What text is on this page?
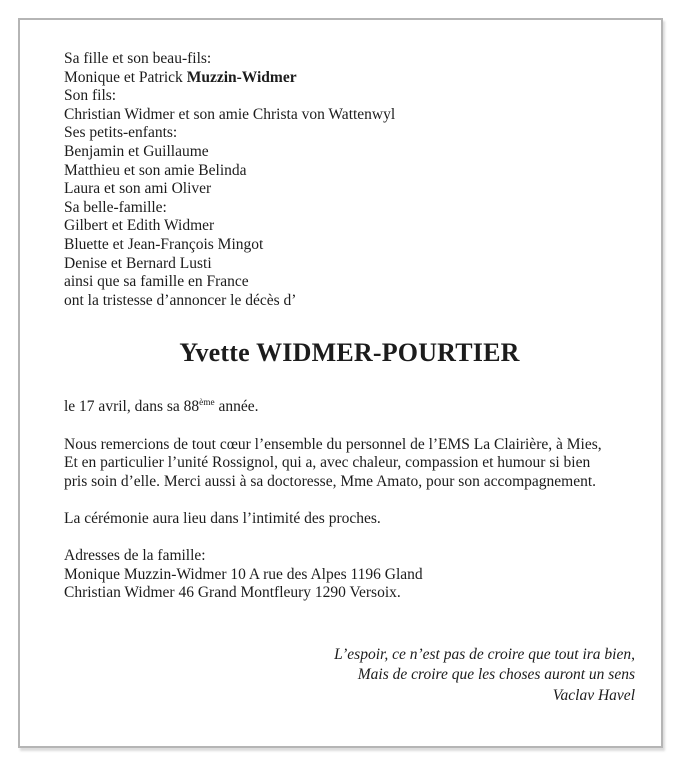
Sa fille et son beau-fils:

Monique et Patrick Muzzin-Widmer

Son fils:

Christian Widmer et son amie Christa von Wattenwyl

Ses petits-enfants:

Benjamin et Guillaume

Matthieu et son amie Belinda

Laura et son ami Oliver

Sa belle-famille:

Gilbert et Edith Widmer

Bluette et Jean-François Mingot

Denise et Bernard Lusti

ainsi que sa famille en France

ont la tristesse d’annoncer le décès d’

Yvette WIDMER-POURTIER

le 17 avril, dans sa 88ème année.

Nous remercions de tout cœur l’ensemble du personnel de l’EMS La Clairière, à Mies,

Et en particulier l’unité Rossignol, qui a, avec chaleur, compassion et humour si bien

pris soin d’elle. Merci aussi à sa doctoresse, Mme Amato, pour son accompagnement.

La cérémonie aura lieu dans l’intimité des proches.

Adresses de la famille:

Monique Muzzin-Widmer 10 A rue des Alpes 1196 Gland

Christian Widmer 46 Grand Montfleury 1290 Versoix.

L’espoir, ce n’est pas de croire que tout ira bien,

Mais de croire que les choses auront un sens

Vaclav Havel
